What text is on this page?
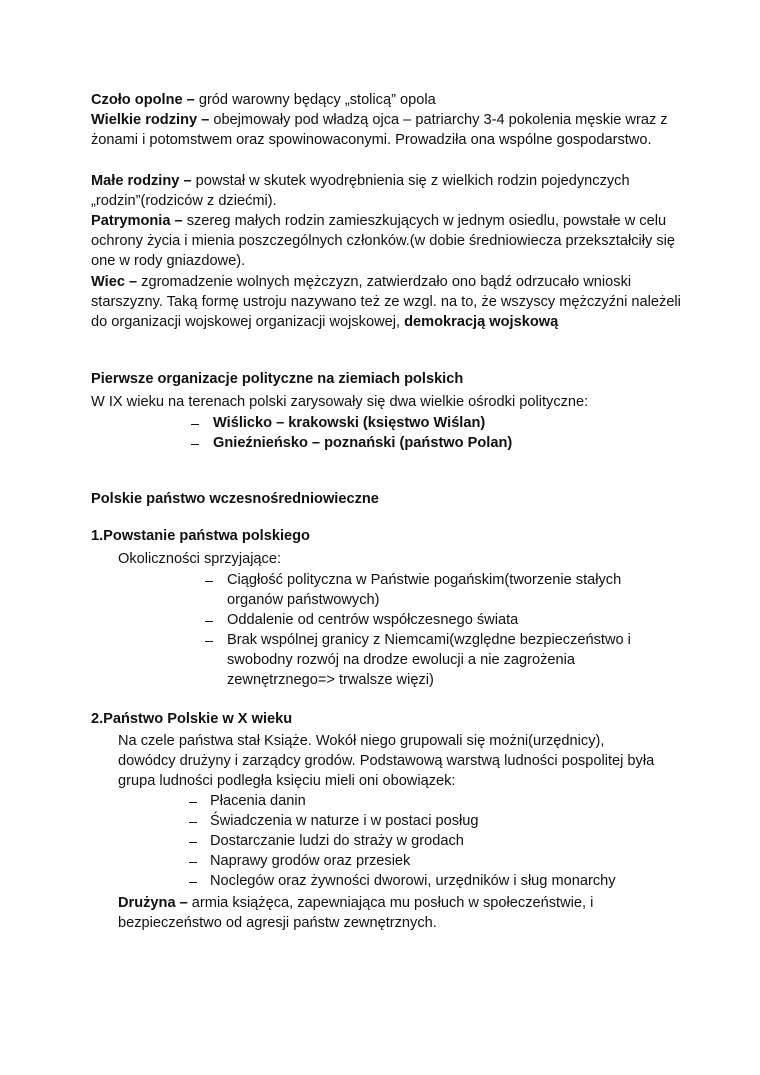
Czoło opolne – gród warowny będący „stolicą” opola
Wielkie rodziny – obejmowały pod władzą ojca – patriarchy 3-4 pokolenia męskie wraz z żonami i potomstwem oraz spowinowaconymi. Prowadziła ona wspólne gospodarstwo.
Małe rodziny – powstał w skutek wyodrębnienia się z wielkich rodzin pojedynczych „rodzin”(rodziców z dziećmi).
Patrymonia – szereg małych rodzin zamieszkujących w jednym osiedlu, powstałe w celu ochrony życia i mienia poszczególnych członków.(w dobie średniowiecza przekształciły się one w rody gniazdowe).
Wiec – zgromadzenie wolnych mężczyzn, zatwierdzało ono bądź odrzucało wnioski starszyzny. Taką formę ustroju nazywano też ze wzgl. na to, że wszyscy mężczyźni należeli do organizacji wojskowej organizacji wojskowej, demokracją wojskową
Pierwsze organizacje polityczne na ziemiach polskich
W IX wieku na terenach polski zarysowały się dwa wielkie ośrodki polityczne:
Wiślicko – krakowski (księstwo Wiślan)
Gnieźnieńsko – poznański (państwo Polan)
Polskie państwo wczesnośredniowieczne
1.Powstanie państwa polskiego
Okoliczności sprzyjające:
Ciągłość polityczna w Państwie pogańskim(tworzenie stałych organów państwowych)
Oddalenie od centrów współczesnego świata
Brak wspólnej granicy z Niemcami(względne bezpieczeństwo i swobodny rozwój na drodze ewolucji a nie zagrożenia zewnętrznego=> trwalsze więzi)
2.Państwo Polskie w X wieku
Na czele państwa stał Książe. Wokół niego grupowali się możni(urzędnicy), dowódcy drużyny i zarządcy grodów. Podstawową warstwą ludności pospolitej była grupa ludności podległa księciu mieli oni obowiązek:
Płacenia danin
Świadczenia w naturze i w postaci posług
Dostarczanie ludzi do straży w grodach
Naprawy grodów oraz przesiek
Noclegów oraz żywności dworowi, urzędników i sług monarchy
Drużyna – armia książęca, zapewniająca mu posłuch w społeczeństwie, i bezpieczeństwo od agresji państw zewnętrznych.
